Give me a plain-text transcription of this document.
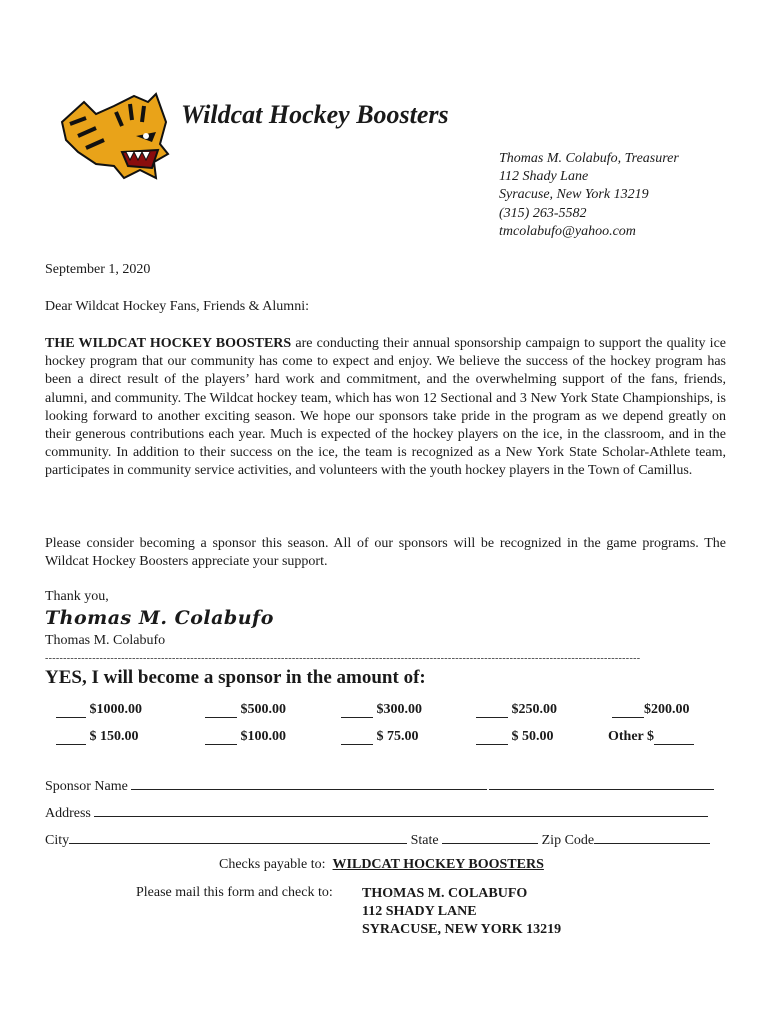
Wildcat Hockey Boosters
Thomas M. Colabufo, Treasurer
112 Shady Lane
Syracuse, New York 13219
(315) 263-5582
tmcolabufo@yahoo.com
September 1, 2020
Dear Wildcat Hockey Fans, Friends & Alumni:
THE WILDCAT HOCKEY BOOSTERS are conducting their annual sponsorship campaign to support the quality ice hockey program that our community has come to expect and enjoy. We believe the success of the hockey program has been a direct result of the players’ hard work and commitment, and the overwhelming support of the fans, friends, alumni, and community. The Wildcat hockey team, which has won 12 Sectional and 3 New York State Championships, is looking forward to another exciting season. We hope our sponsors take pride in the program as we depend greatly on their generous contributions each year. Much is expected of the hockey players on the ice, in the classroom, and in the community. In addition to their success on the ice, the team is recognized as a New York State Scholar-Athlete team, participates in community service activities, and volunteers with the youth hockey players in the Town of Camillus.
Please consider becoming a sponsor this season. All of our sponsors will be recognized in the game programs. The Wildcat Hockey Boosters appreciate your support.
Thank you,
Thomas M. Colabufo
Thomas M. Colabufo
--------------------------------------------------------------------------------------------------------------------------------------------------------------------
YES, I will become a sponsor in the amount of:
$1000.00	$500.00	$300.00	$250.00	$200.00
$ 150.00	$100.00	$ 75.00	$ 50.00	Other $
Sponsor Name
Address
City	State	Zip Code
Checks payable to: WILDCAT HOCKEY BOOSTERS
Please mail this form and check to: THOMAS M. COLABUFO
112 SHADY LANE
SYRACUSE, NEW YORK 13219
